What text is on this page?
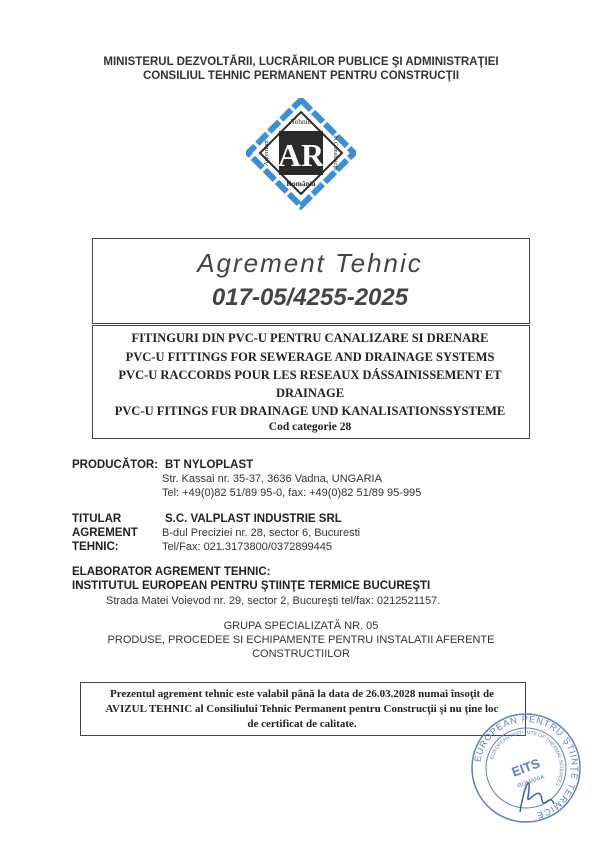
MINISTERUL DEZVOLTĂRII, LUCRĂRILOR PUBLICE ŞI ADMINISTRAŢIEI
CONSILIUL TEHNIC PERMANENT PENTRU CONSTRUCŢII
Tehnic
România
Agrement	în Construcţii
AR
Agrement Tehnic
017-05/4255-2025
FITINGURI DIN PVC-U PENTRU CANALIZARE SI DRENARE
PVC-U FITTINGS FOR SEWERAGE AND DRAINAGE SYSTEMS
PVC-U RACCORDS POUR LES RESEAUX DÁSSAINISSEMENT ET
DRAINAGE
PVC-U FITINGS FUR DRAINAGE UND KANALISATIONSSYSTEME
Cod categorie 28
PRODUCĂTOR: BT NYLOPLAST
Str. Kassai nr. 35-37, 3636 Vadna, UNGARIA
Tel: +49(0)82 51/89 95-0, fax: +49(0)82 51/89 95-995
TITULAR
AGREMENT
TEHNIC:
S.C. VALPLAST INDUSTRIE SRL
B-dul Preciziei nr. 28, sector 6, Bucuresti
Tel/Fax: 021.3173800/0372899445
ELABORATOR AGREMENT TEHNIC:
INSTITUTUL EUROPEAN PENTRU ŞTIINŢE TERMICE BUCUREŞTI
Strada Matei Voievod nr. 29, sector 2, Bucureşti tel/fax: 0212521157.
GRUPA SPECIALIZATĂ NR. 05
PRODUSE, PROCEDEE SI ECHIPAMENTE PENTRU INSTALATII AFERENTE
CONSTRUCTIILOR
Prezentul agrement tehnic este valabil până la data de 26.03.2028 numai însoţit de
AVIZUL TEHNIC al Consiliului Tehnic Permanent pentru Construcţii şi nu ţine loc
de certificat de calitate.
EUROPEAN PENTRU ŞTIINŢE TERMICE
EUROPEAN INSTITUTE OF THERMAL SCIENCES
EITS
ROMANIA
